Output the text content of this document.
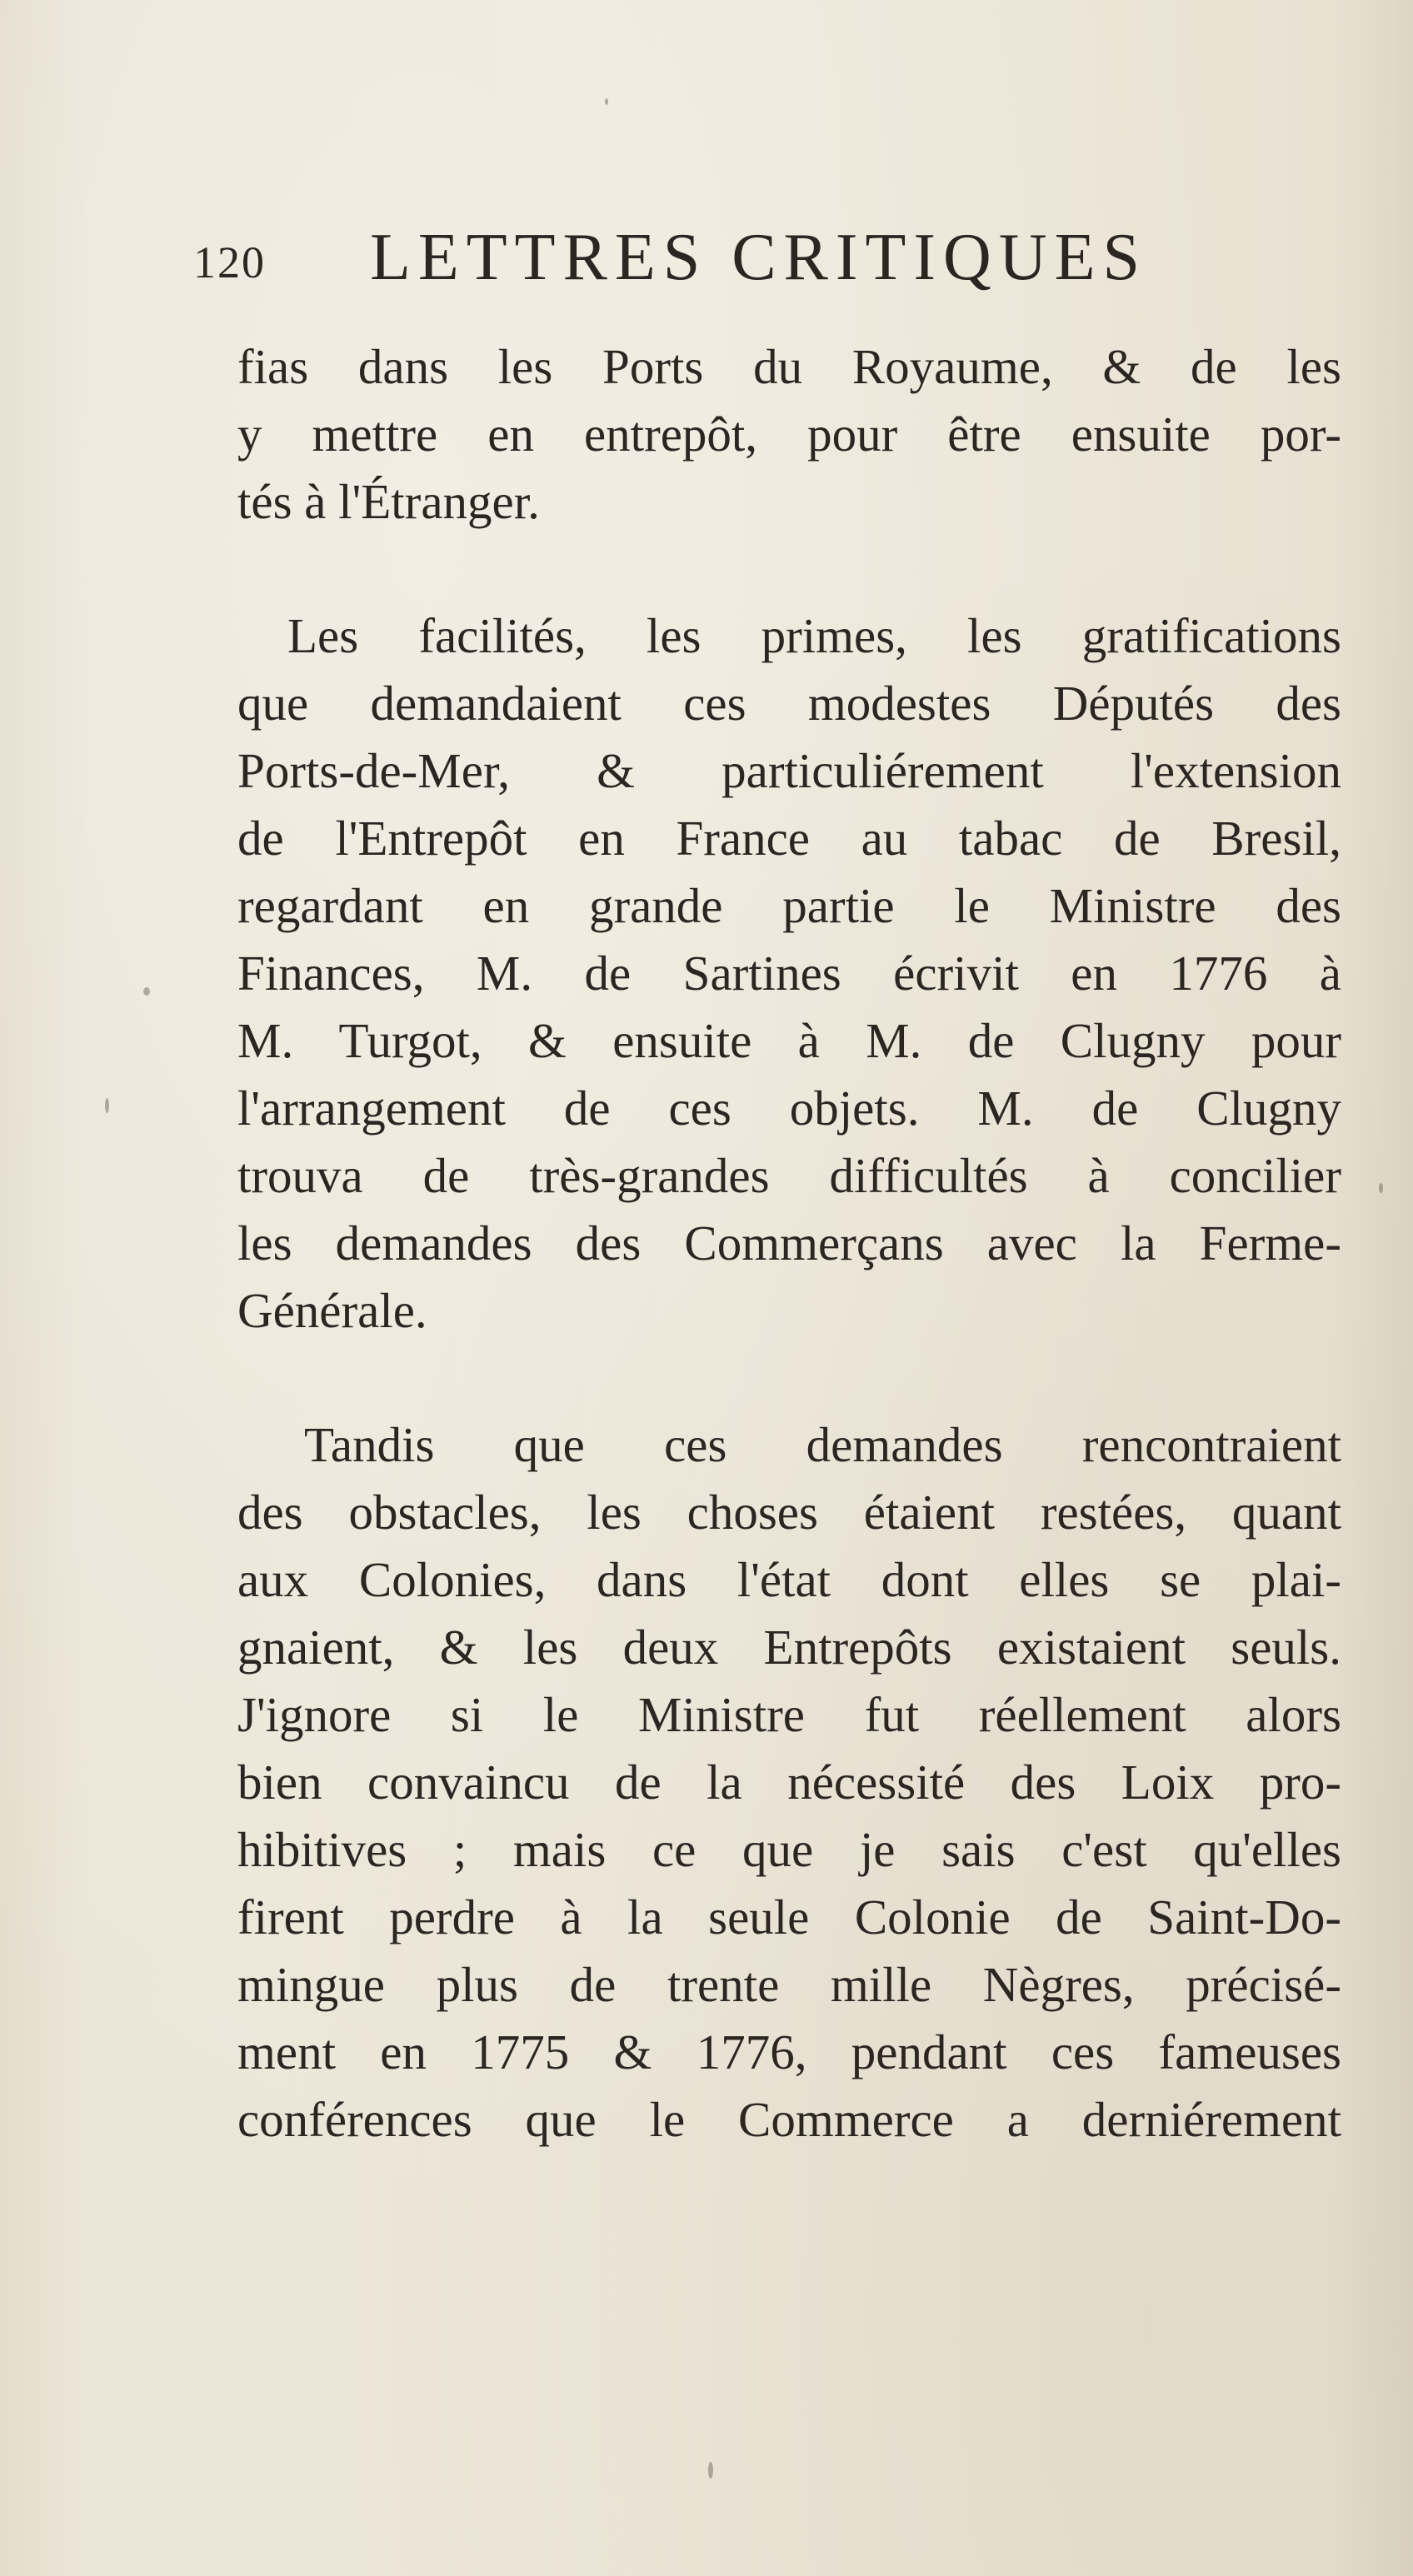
120 LETTRES CRITIQUES
fias dans les Ports du Royaume, & de les
y mettre en entrepôt, pour être ensuite por-
tés à l'Étranger.
Les facilités, les primes, les gratifications
que demandaient ces modestes Députés des
Ports-de-Mer, & particuliérement l'extension
de l'Entrepôt en France au tabac de Bresil,
regardant en grande partie le Ministre des
Finances, M. de Sartines écrivit en 1776 à
M. Turgot, & ensuite à M. de Clugny pour
l'arrangement de ces objets. M. de Clugny
trouva de très-grandes difficultés à concilier
les demandes des Commerçans avec la Ferme-
Générale.
Tandis que ces demandes rencontraient
des obstacles, les choses étaient restées, quant
aux Colonies, dans l'état dont elles se plai-
gnaient, & les deux Entrepôts existaient seuls.
J'ignore si le Ministre fut réellement alors
bien convaincu de la nécessité des Loix pro-
hibitives ; mais ce que je sais c'est qu'elles
firent perdre à la seule Colonie de Saint-Do-
mingue plus de trente mille Nègres, précisé-
ment en 1775 & 1776, pendant ces fameuses
conférences que le Commerce a derniérement
